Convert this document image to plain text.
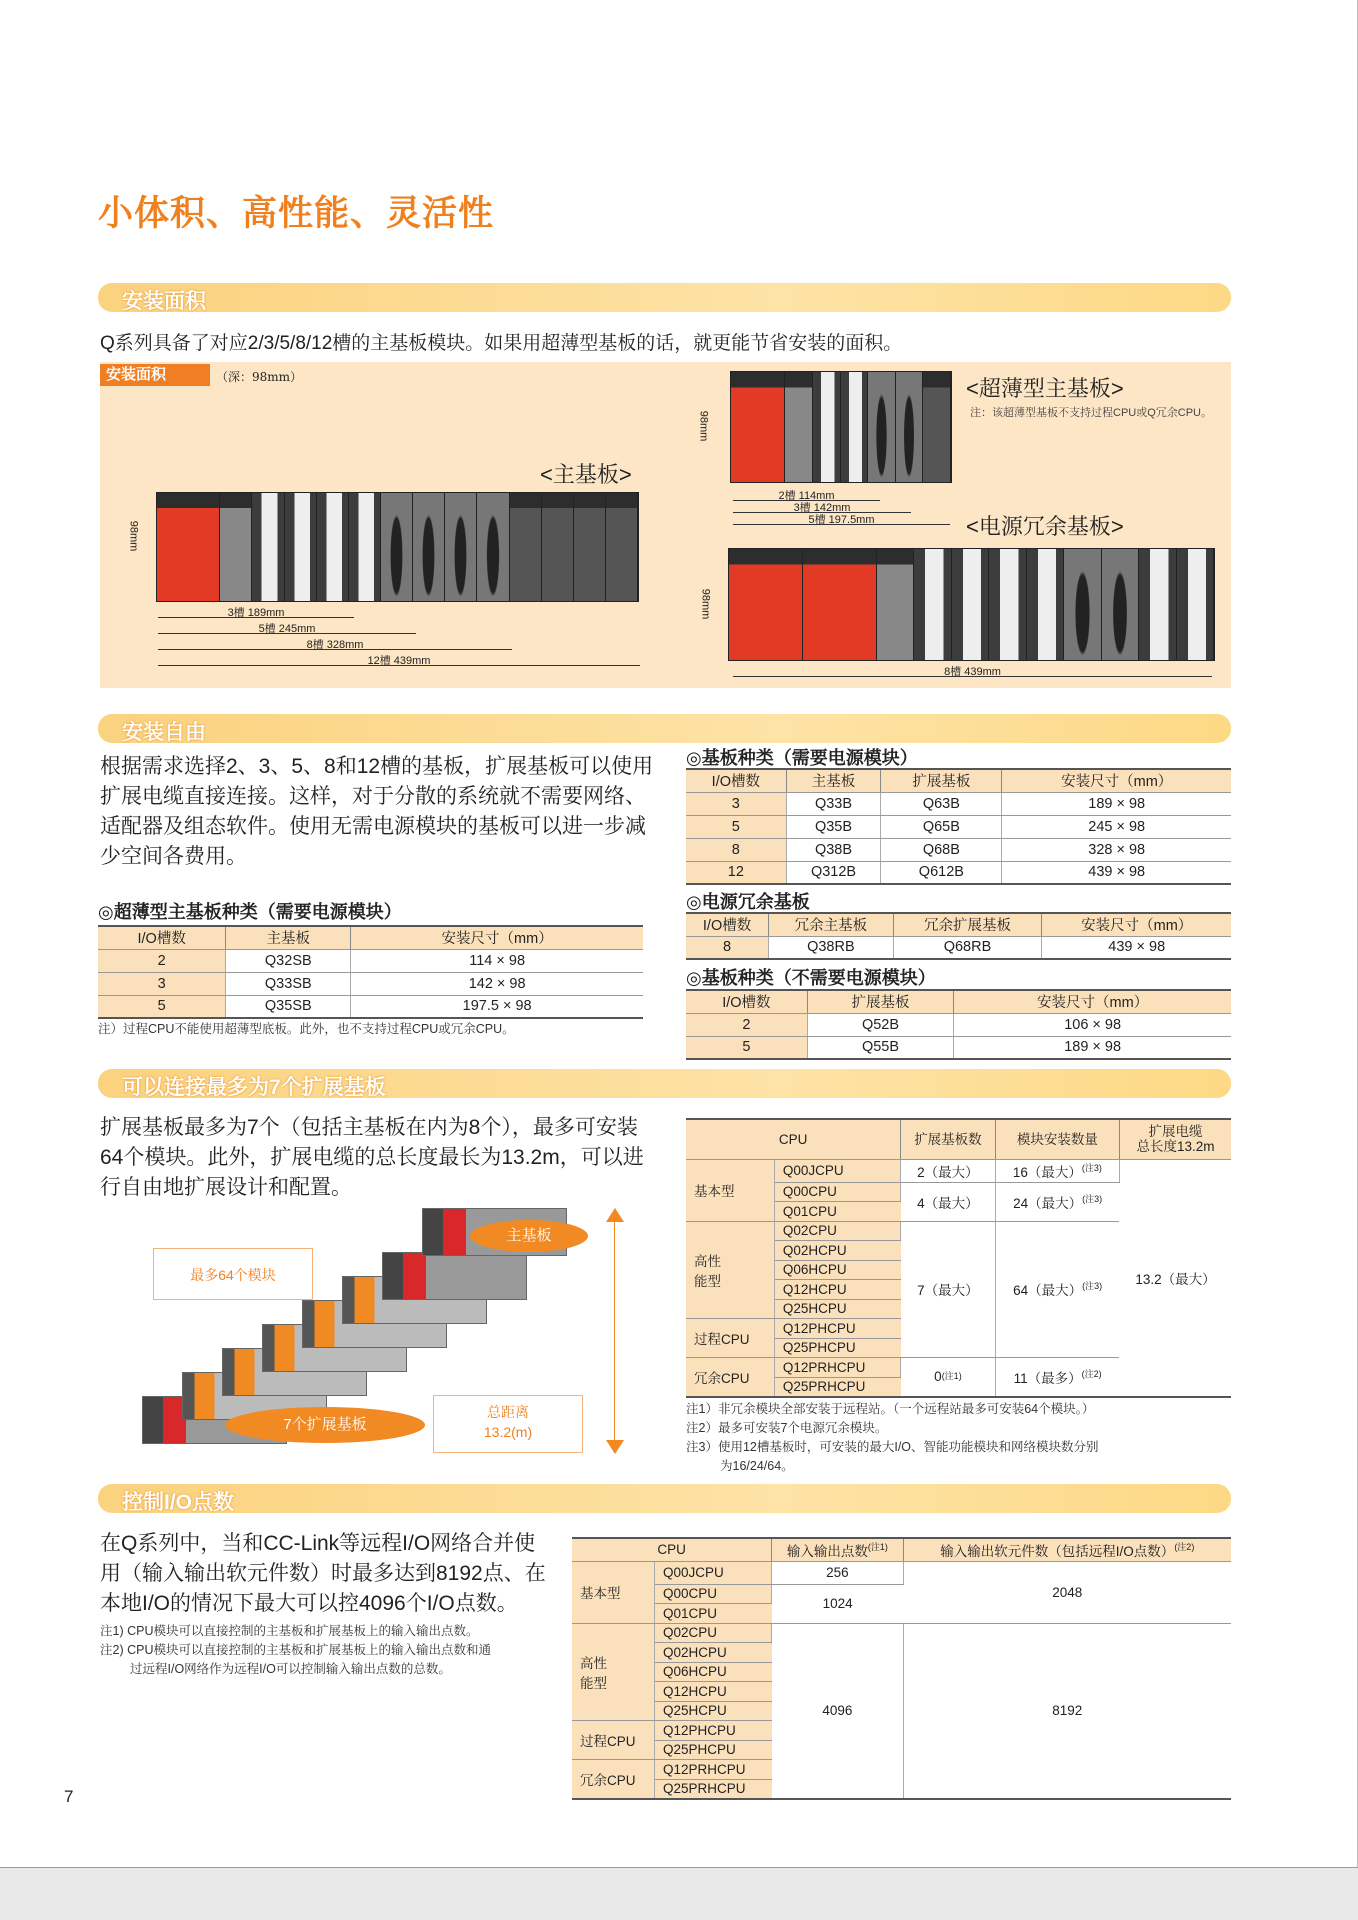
小体积、高性能、灵活性
安装面积
Q系列具备了对应2/3/5/8/12槽的主基板模块。如果用超薄型基板的话，就更能节省安装的面积。
安装面积	（深：98mm）
<主基板>
98mm
3槽 189mm
5槽 245mm
8槽 328mm
12槽 439mm
98mm
<超薄型主基板>
注：该超薄型基板不支持过程CPU或Q冗余CPU。
2槽 114mm
3槽 142mm
5槽 197.5mm	<电源冗余基板>
98mm
8槽 439mm
安装自由
根据需求选择2、3、5、8和12槽的基板，扩展基板可以使用扩展电缆直接连接。这样，对于分散的系统就不需要网络、适配器及组态软件。使用无需电源模块的基板可以进一步减少空间各费用。
◎超薄型主基板种类（需要电源模块）
I/O槽数	主基板	安装尺寸（mm）
2	Q32SB	114 × 98
3	Q33SB	142 × 98
5	Q35SB	197.5 × 98
注）过程CPU不能使用超薄型底板。此外，也不支持过程CPU或冗余CPU。
◎基板种类（需要电源模块）
I/O槽数	主基板	扩展基板	安装尺寸（mm）
3	Q33B	Q63B	189 × 98
5	Q35B	Q65B	245 × 98
8	Q38B	Q68B	328 × 98
12	Q312B	Q612B	439 × 98
◎电源冗余基板
I/O槽数	冗余主基板	冗余扩展基板	安装尺寸（mm）
8	Q38RB	Q68RB	439 × 98
◎基板种类（不需要电源模块）
I/O槽数	扩展基板	安装尺寸（mm）
2	Q52B	106 × 98
5	Q55B	189 × 98
可以连接最多为7个扩展基板
扩展基板最多为7个（包括主基板在内为8个），最多可安装64个模块。此外，扩展电缆的总长度最长为13.2m，可以进行自由地扩展设计和配置。
主基板
最多64个模块
7个扩展基板
总距离
13.2(m)
CPU		扩展基板数	模块安装数量	扩展电缆
总长度13.2m
基本型	Q00JCPU	2（最大）	16（最大）$^{(注3)}$	13.2（最大）
	Q00CPU	4（最大）	24（最大）$^{(注3)}$
	Q01CPU			
高性
能型	Q02CPU	7（最大）	64（最大）$^{(注3)}$
	Q02HCPU			
	Q06HCPU			
	Q12HCPU			
	Q25HCPU			
过程CPU	Q12PHCPU			
	Q25PHCPU			
冗余CPU	Q12PRHCPU	$0^{(注1)}$	11（最多）$^{(注2)}$
	Q25PRHCPU			
注1）非冗余模块全部安装于远程站。（一个远程站最多可安装64个模块。）
注2）最多可安装7个电源冗余模块。
注3）使用12槽基板时，可安装的最大I/O、智能功能模块和网络模块数分别
为16/24/64。
控制I/O点数
在Q系列中，当和CC-Link等远程I/O网络合并使用（输入输出软元件数）时最多达到8192点、在本地I/O的情况下最大可以控4096个I/O点数。
注1) CPU模块可以直接控制的主基板和扩展基板上的输入输出点数。
注2) CPU模块可以直接控制的主基板和扩展基板上的输入输出点数和通
过远程I/O网络作为远程I/O可以控制输入输出点数的总数。
CPU		输入输出点数$^{(注1)}$	输入输出软元件数（包括远程I/O点数）$^{(注2)}$
基本型	Q00JCPU	256	2048
	Q00CPU	1024	
	Q01CPU		
高性
能型	Q02CPU	4096	8192
	Q02HCPU		
	Q06HCPU		
	Q12HCPU		
	Q25HCPU		
过程CPU	Q12PHCPU		
	Q25PHCPU		
冗余CPU	Q12PRHCPU		
	Q25PRHCPU		
7
